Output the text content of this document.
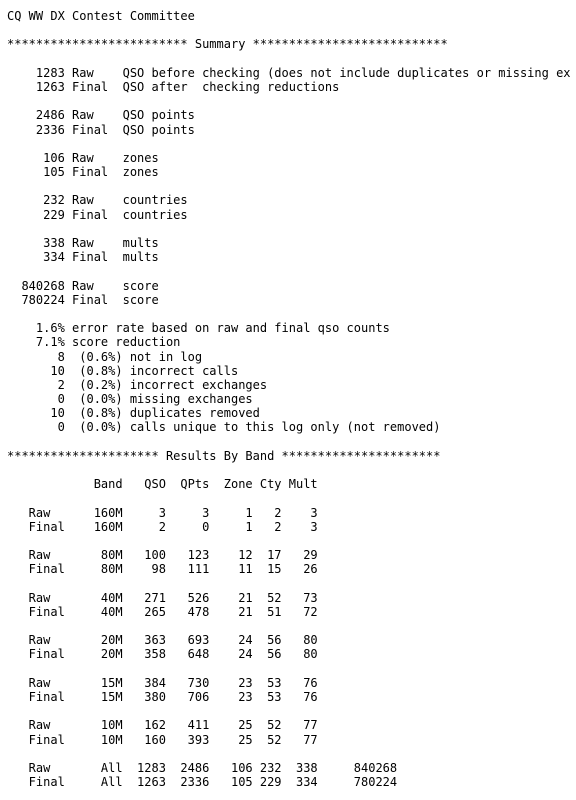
CQ WW DX Contest Committee
************************* Summary ***************************
1283 Raw    QSO before checking (does not include duplicates or missing ex
1263 Final  QSO after  checking reductions
2486 Raw    QSO points
2336 Final  QSO points
106 Raw    zones
105 Final  zones
232 Raw    countries
229 Final  countries
338 Raw    mults
334 Final  mults
840268 Raw    score
780224 Final  score
1.6% error rate based on raw and final qso counts
7.1% score reduction
8  (0.6%) not in log
10  (0.8%) incorrect calls
2  (0.2%) incorrect exchanges
0  (0.0%) missing exchanges
10  (0.8%) duplicates removed
0  (0.0%) calls unique to this log only (not removed)
********************* Results By Band **********************
Band   QSO  QPts  Zone Cty Mult
Raw      160M     3     3     1   2    3
Final    160M     2     0     1   2    3
Raw       80M   100   123    12  17   29
Final     80M    98   111    11  15   26
Raw       40M   271   526    21  52   73
Final     40M   265   478    21  51   72
Raw       20M   363   693    24  56   80
Final     20M   358   648    24  56   80
Raw       15M   384   730    23  53   76
Final     15M   380   706    23  53   76
Raw       10M   162   411    25  52   77
Final     10M   160   393    25  52   77
Raw       All  1283  2486   106 232  338     840268
Final     All  1263  2336   105 229  334     780224
